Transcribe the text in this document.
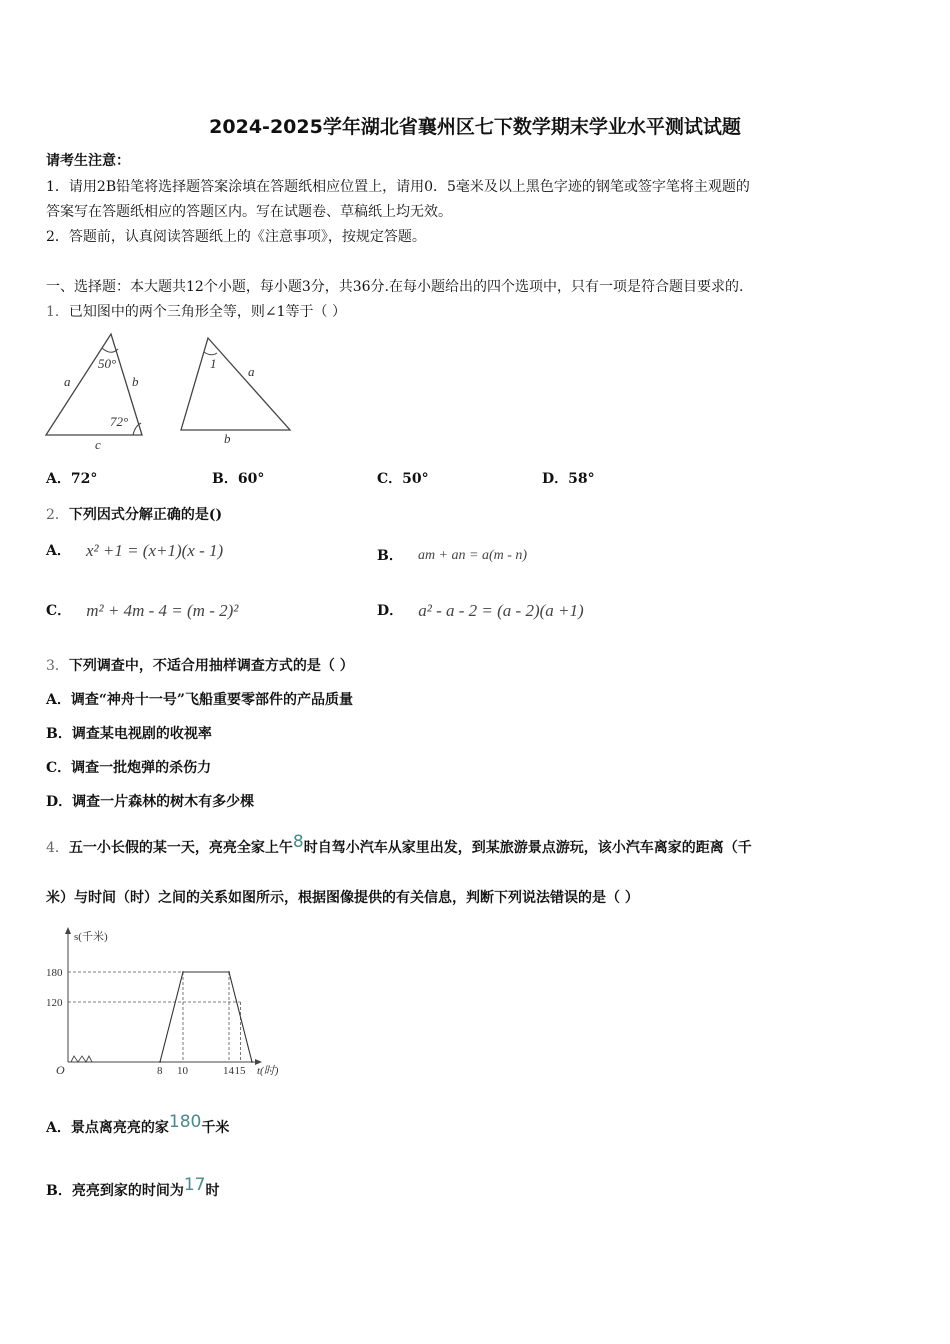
2024-2025学年湖北省襄州区七下数学期末学业水平测试试题
请考生注意：
1．请用2B铅笔将选择题答案涂填在答题纸相应位置上，请用0．5毫米及以上黑色字迹的钢笔或签字笔将主观题的
答案写在答题纸相应的答题区内。写在试题卷、草稿纸上均无效。
2．答题前，认真阅读答题纸上的《注意事项》，按规定答题。
一、选择题：本大题共12个小题，每小题3分，共36分.在每小题给出的四个选项中，只有一项是符合题目要求的.
1．已知图中的两个三角形全等，则∠1等于（ ）
50°
72°
a	b
c
1
a
b
A．72°	B．60°	C．50°	D．58°
2．下列因式分解正确的是()
A． x² +1 = (x+1)(x - 1)	B． am + an = a(m - n)
C． m² + 4m - 4 = (m - 2)²	D． a² - a - 2 = (a - 2)(a +1)
3．下列调查中，不适合用抽样调查方式的是（ ）
A．调查“神舟十一号”飞船重要零部件的产品质量
B．调查某电视剧的收视率
C．调查一批炮弹的杀伤力
D．调查一片森林的树木有多少棵
4．五一小长假的某一天，亮亮全家上午8时自驾小汽车从家里出发，到某旅游景点游玩，该小汽车离家的距离（千
米）与时间（时）之间的关系如图所示，根据图像提供的有关信息，判断下列说法错误的是（ ）
s(千米)
t(时)
O
180
120
8 10	14 15
A．景点离亮亮的家180千米
B．亮亮到家的时间为17时
